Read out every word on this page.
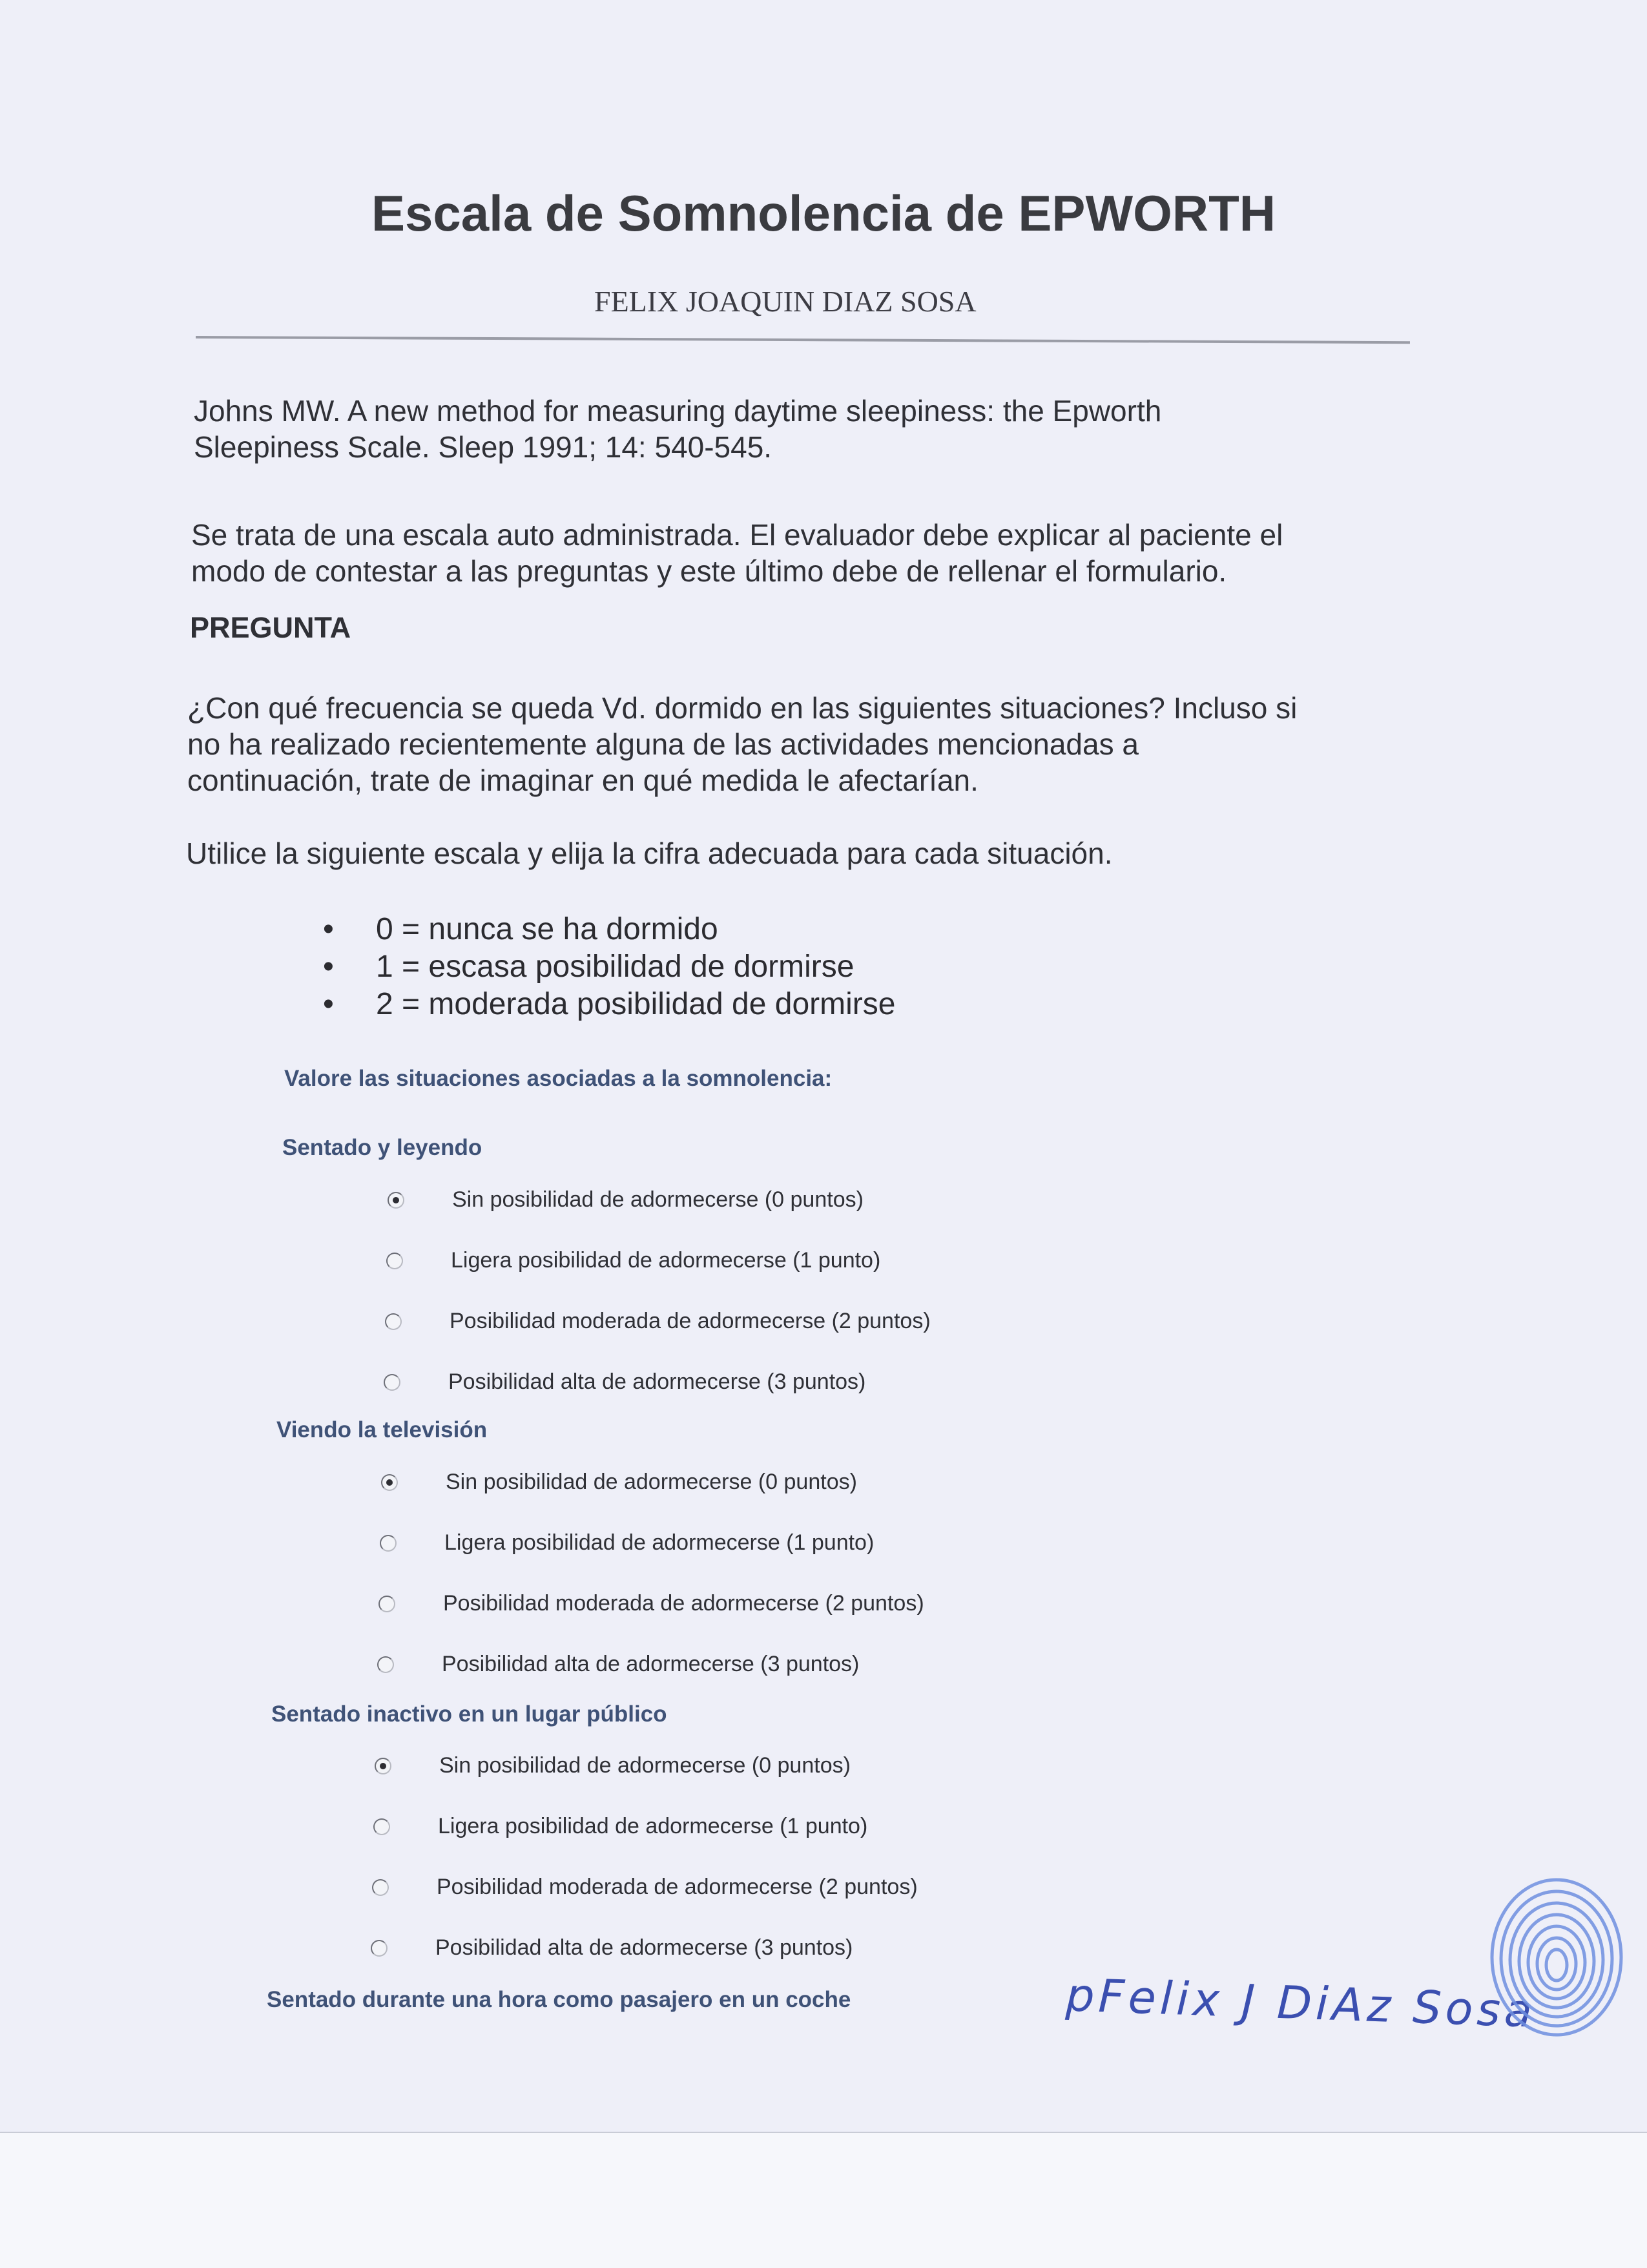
Escala de Somnolencia de EPWORTH
FELIX JOAQUIN DIAZ SOSA
Johns MW. A new method for measuring daytime sleepiness: the Epworth
Sleepiness Scale. Sleep 1991; 14: 540-545.
Se trata de una escala auto administrada. El evaluador debe explicar al paciente el
modo de contestar a las preguntas y este último debe de rellenar el formulario.
PREGUNTA
¿Con qué frecuencia se queda Vd. dormido en las siguientes situaciones? Incluso si
no ha realizado recientemente alguna de las actividades mencionadas a
continuación, trate de imaginar en qué medida le afectarían.
Utilice la siguiente escala y elija la cifra adecuada para cada situación.
• 0 = nunca se ha dormido
• 1 = escasa posibilidad de dormirse
• 2 = moderada posibilidad de dormirse
Valore las situaciones asociadas a la somnolencia:
Sentado y leyendo
Sin posibilidad de adormecerse (0 puntos)
Ligera posibilidad de adormecerse (1 punto)
Posibilidad moderada de adormecerse (2 puntos)
Posibilidad alta de adormecerse (3 puntos)
Viendo la televisión
Sin posibilidad de adormecerse (0 puntos)
Ligera posibilidad de adormecerse (1 punto)
Posibilidad moderada de adormecerse (2 puntos)
Posibilidad alta de adormecerse (3 puntos)
Sentado inactivo en un lugar público
Sin posibilidad de adormecerse (0 puntos)
Ligera posibilidad de adormecerse (1 punto)
Posibilidad moderada de adormecerse (2 puntos)
Posibilidad alta de adormecerse (3 puntos)
Sentado durante una hora como pasajero en un coche	pFelix J DiAz Sosa
